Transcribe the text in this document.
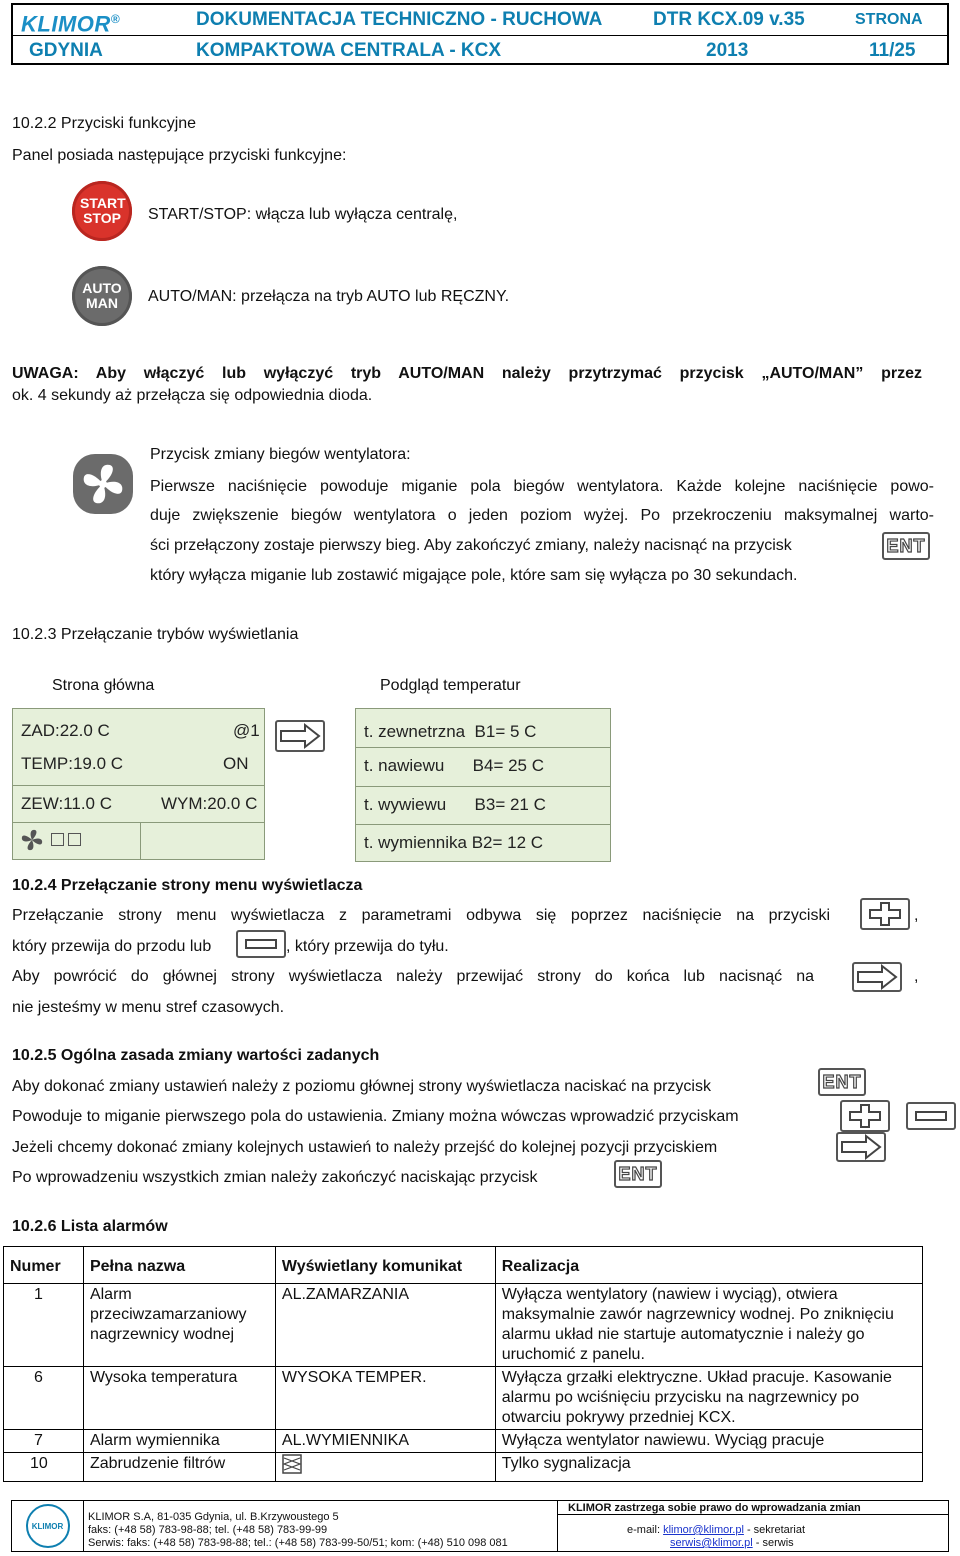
KLIMOR®	DOKUMENTACJA TECHNICZNO - RUCHOWA	DTR KCX.09 v.35	STRONA
GDYNIA	KOMPAKTOWA CENTRALA - KCX	2013	11/25
10.2.2 Przyciski funkcyjne
Panel posiada następujące przyciski funkcyjne:
START STOP START/STOP: włącza lub wyłącza centralę,
AUTO MAN AUTO/MAN: przełącza na tryb AUTO lub RĘCZNY.
UWAGA: Aby włączyć lub wyłączyć tryb AUTO/MAN należy przytrzymać przycisk „AUTO/MAN” przez
ok. 4 sekundy aż przełącza się odpowiednia dioda.
Przycisk zmiany biegów wentylatora:
Pierwsze naciśnięcie powoduje miganie pola biegów wentylatora. Każde kolejne naciśnięcie powo-
duje zwiększenie biegów wentylatora o jeden poziom wyżej. Po przekroczeniu maksymalnej warto-
ści przełączony zostaje pierwszy bieg. Aby zakończyć zmiany, należy nacisnąć na przycisk	ENT
który wyłącza miganie lub zostawić migające pole, które sam się wyłącza po 30 sekundach.
10.2.3 Przełączanie trybów wyświetlania
Strona główna	Podgląd temperatur
ZAD:22.0 C	@1
TEMP:19.0 C	ON
ZEW:11.0 C	WYM:20.0 C
t. zewnetrzna  B1= 5 C
t. nawiewu      B4= 25 C
t. wywiewu      B3= 21 C
t. wymiennika B2= 12 C
10.2.4 Przełączanie strony menu wyświetlacza
Przełączanie strony menu wyświetlacza z parametrami odbywa się poprzez naciśnięcie na przyciski	,
który przewija do przodu lub	, który przewija do tyłu.
Aby powrócić do głównej strony wyświetlacza należy przewijać strony do końca lub nacisnąć na	,
nie jesteśmy w menu stref czasowych.
10.2.5 Ogólna zasada zmiany wartości zadanych
Aby dokonać zmiany ustawień należy z poziomu głównej strony wyświetlacza naciskać na przycisk	ENT
Powoduje to miganie pierwszego pola do ustawienia. Zmiany można wówczas wprowadzić przyciskam
Jeżeli chcemy dokonać zmiany kolejnych ustawień to należy przejść do kolejnej pozycji przyciskiem
Po wprowadzeniu wszystkich zmian należy zakończyć naciskając przycisk	ENT
10.2.6 Lista alarmów
Numer	Pełna nazwa	Wyświetlany komunikat	Realizacja
1	Alarm przeciwzamarzaniowy nagrzewnicy wodnej	AL.ZAMARZANIA	Wyłącza wentylatory (nawiew i wyciąg), otwiera maksymalnie zawór nagrzewnicy wodnej. Po zniknięciu alarmu układ nie startuje automatycznie i należy go uruchomić z panelu.
6	Wysoka temperatura	WYSOKA TEMPER.	Wyłącza grzałki elektryczne. Układ pracuje. Kasowanie alarmu po wciśnięciu przycisku na nagrzewnicy po otwarciu pokrywy przedniej KCX.
7	Alarm wymiennika	AL.WYMIENNIKA	Wyłącza wentylator nawiewu. Wyciąg pracuje
10	Zabrudzenie filtrów		Tylko sygnalizacja
KLIMOR
KLIMOR S.A, 81-035 Gdynia, ul. B.Krzywoustego 5
faks: (+48 58) 783-98-88; tel. (+48 58) 783-99-99
Serwis: faks: (+48 58) 783-98-88; tel.: (+48 58) 783-99-50/51; kom: (+48) 510 098 081
KLIMOR zastrzega sobie prawo do wprowadzania zmian
e-mail: klimor@klimor.pl - sekretariat
serwis@klimor.pl - serwis
